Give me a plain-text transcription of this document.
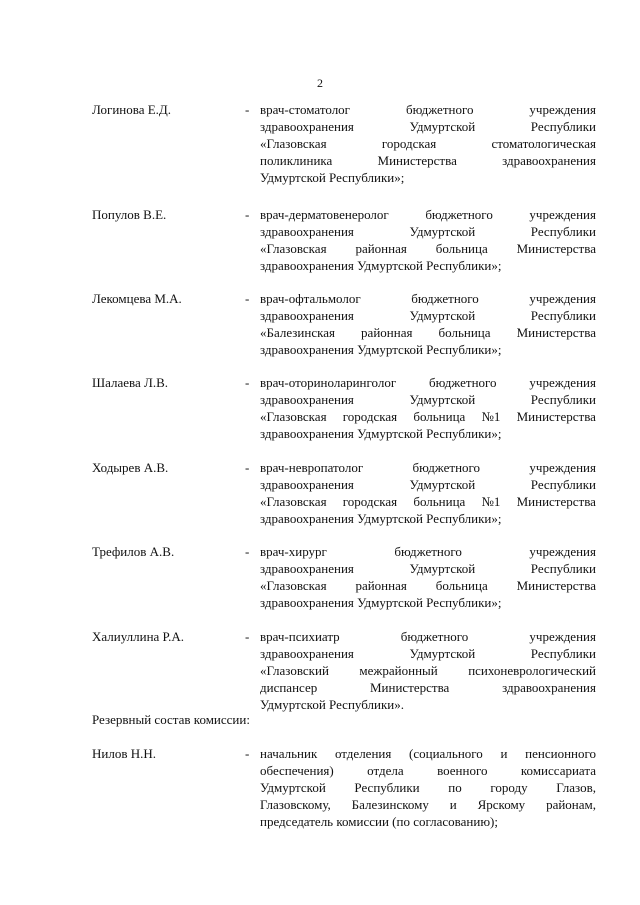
2
Логинова Е.Д.	- врач-стоматолог	бюджетного	учреждения
здравоохранения	Удмуртской	Республики
«Глазовская	городская	стоматологическая
поликлиника	Министерства	здравоохранения
Удмуртской Республики»;
Популов В.Е.	- врач-дерматовенеролог	бюджетного	учреждения
здравоохранения	Удмуртской	Республики
«Глазовская районная больница Министерства
здравоохранения Удмуртской Республики»;
Лекомцева М.А.	- врач-офтальмолог	бюджетного	учреждения
здравоохранения	Удмуртской	Республики
«Балезинская районная больница Министерства
здравоохранения Удмуртской Республики»;
Шалаева Л.В.	- врач-оториноларинголог	бюджетного	учреждения
здравоохранения	Удмуртской	Республики
«Глазовская городская больница №1 Министерства
здравоохранения Удмуртской Республики»;
Ходырев А.В.	- врач-невропатолог	бюджетного	учреждения
здравоохранения	Удмуртской	Республики
«Глазовская городская больница №1 Министерства
здравоохранения Удмуртской Республики»;
Трефилов А.В.	- врач-хирург	бюджетного	учреждения
здравоохранения	Удмуртской	Республики
«Глазовская районная больница Министерства
здравоохранения Удмуртской Республики»;
Халиуллина Р.А.	- врач-психиатр	бюджетного	учреждения
здравоохранения	Удмуртской	Республики
«Глазовский межрайонный психоневрологический
диспансер	Министерства	здравоохранения
Удмуртской Республики».
Резервный состав комиссии:
Нилов Н.Н.	- начальник отделения (социального и пенсионного
обеспечения)	отдела	военного	комиссариата
Удмуртской Республики по городу Глазов,
Глазовскому, Балезинскому и Ярскому районам,
председатель комиссии (по согласованию);
